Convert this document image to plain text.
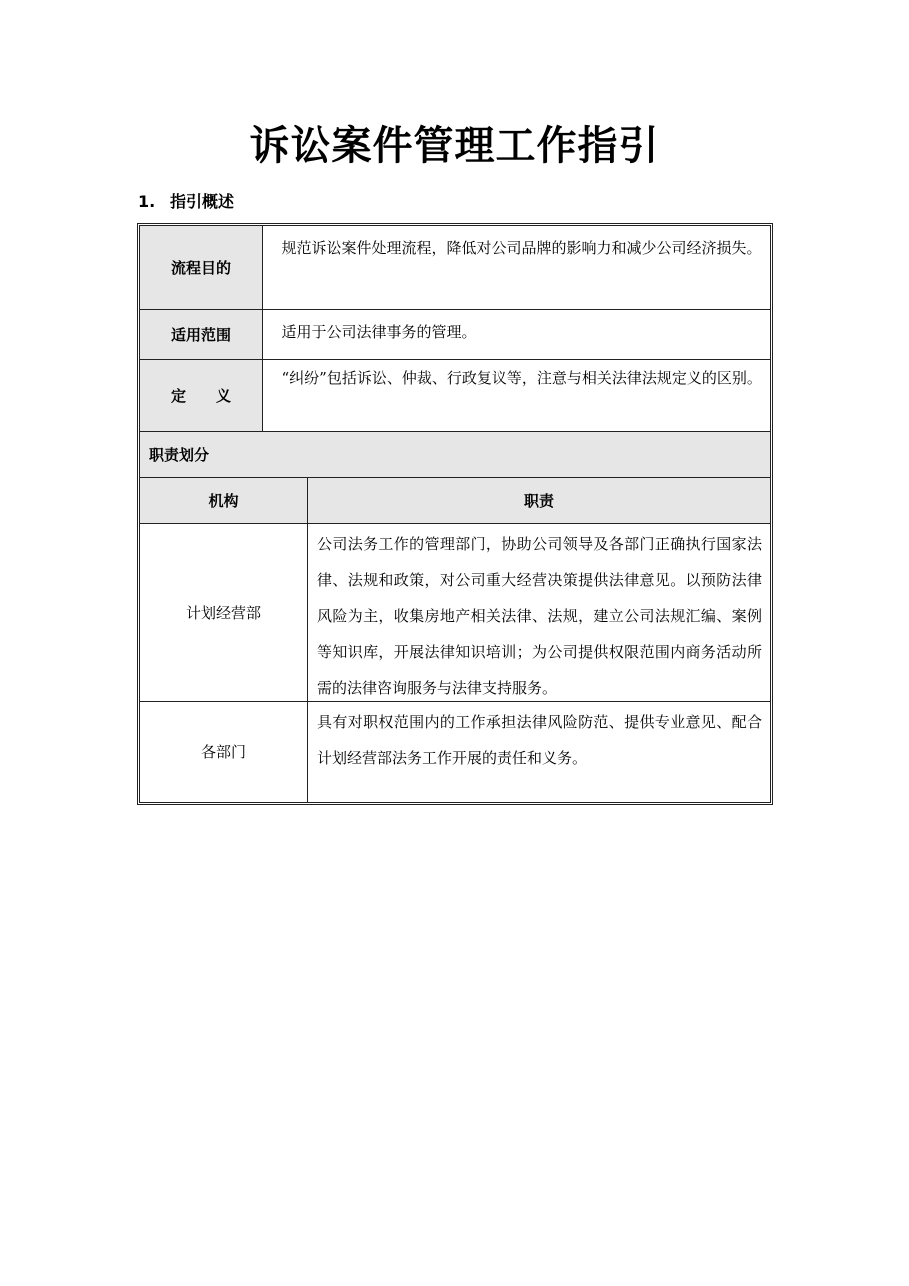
诉讼案件管理工作指引
1. 指引概述
流程目的
规范诉讼案件处理流程，降低对公司品牌的影响力和减少公司经济损失。
适用范围	适用于公司法律事务的管理。
定　　义
“纠纷”包括诉讼、仲裁、行政复议等，注意与相关法律法规定义的区别。
职责划分
机构	职责
计划经营部
公司法务工作的管理部门，协助公司领导及各部门正确执行国家法律、法规和政策，对公司重大经营决策提供法律意见。以预防法律风险为主，收集房地产相关法律、法规，建立公司法规汇编、案例等知识库，开展法律知识培训；为公司提供权限范围内商务活动所需的法律咨询服务与法律支持服务。
各部门
具有对职权范围内的工作承担法律风险防范、提供专业意见、配合计划经营部法务工作开展的责任和义务。
